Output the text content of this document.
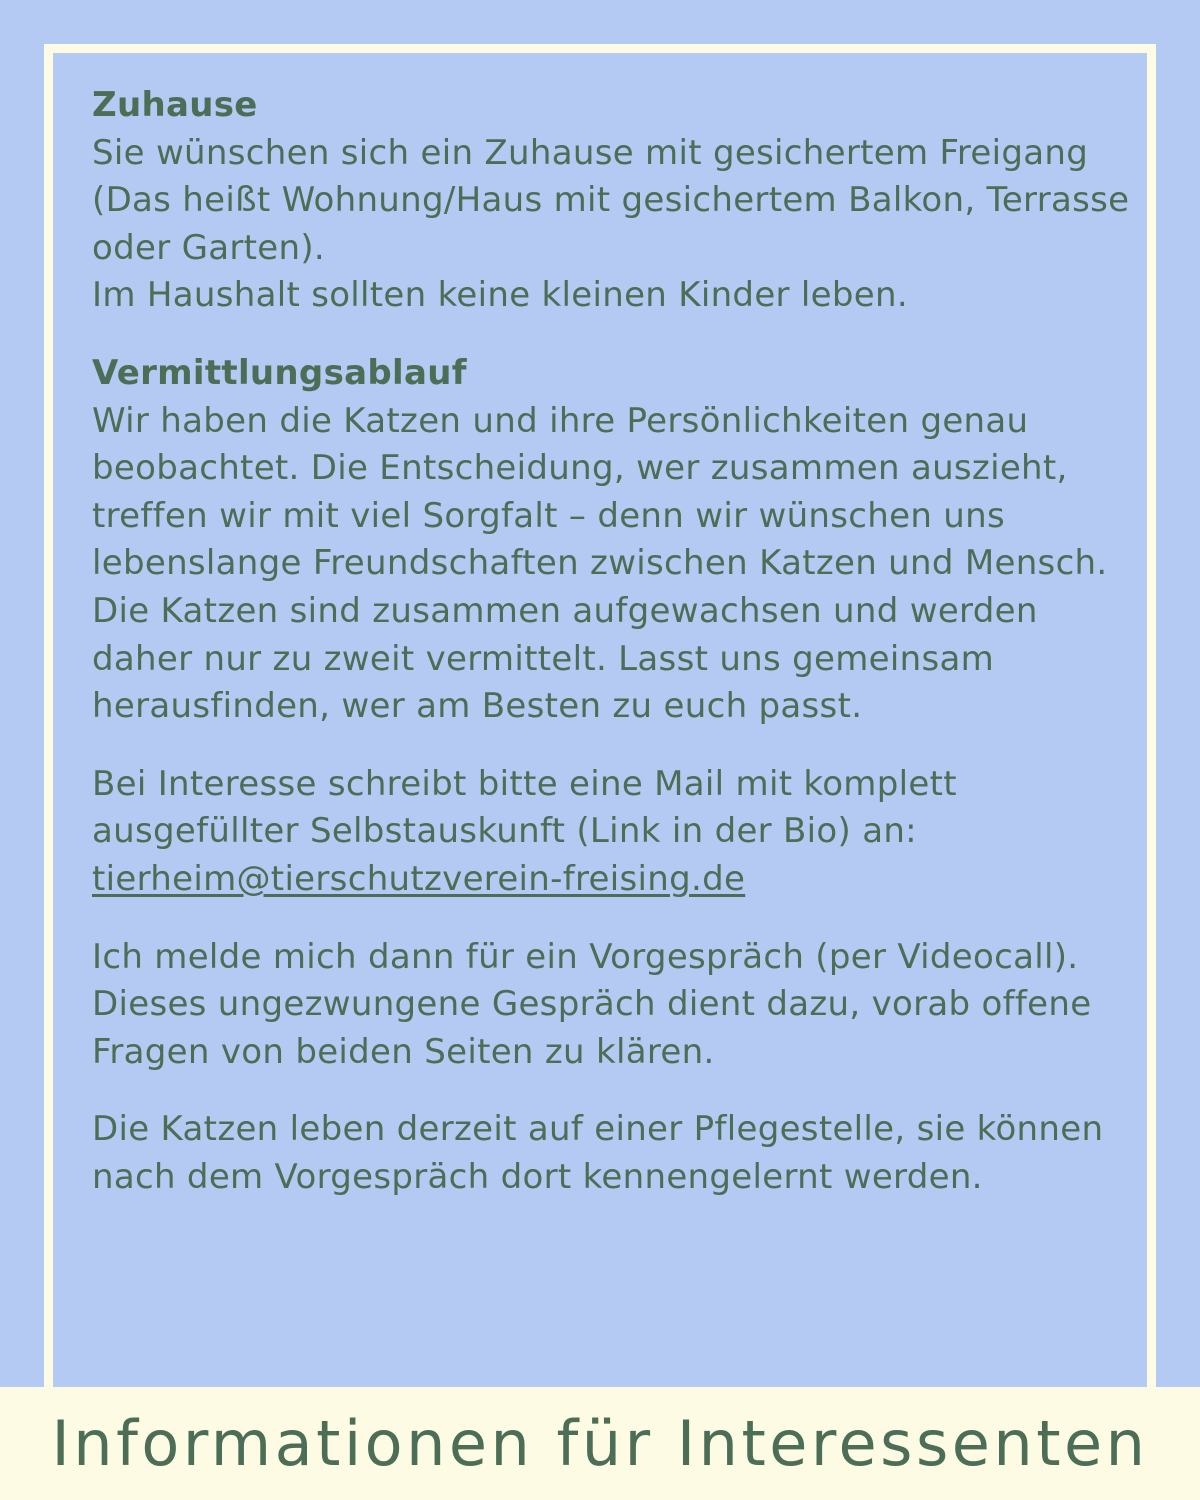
Zuhause

Sie wünschen sich ein Zuhause mit gesichertem Freigang (Das heißt Wohnung/Haus mit gesichertem Balkon, Terrasse oder Garten).

Im Haushalt sollten keine kleinen Kinder leben.

Vermittlungsablauf

Wir haben die Katzen und ihre Persönlichkeiten genau beobachtet. Die Entscheidung, wer zusammen auszieht, treffen wir mit viel Sorgfalt – denn wir wünschen uns lebenslange Freundschaften zwischen Katzen und Mensch. Die Katzen sind zusammen aufgewachsen und werden daher nur zu zweit vermittelt. Lasst uns gemeinsam herausfinden, wer am Besten zu euch passt.

Bei Interesse schreibt bitte eine Mail mit komplett ausgefüllter Selbstauskunft (Link in der Bio) an:

tierheim@tierschutzverein-freising.de

Ich melde mich dann für ein Vorgespräch (per Videocall). Dieses ungezwungene Gespräch dient dazu, vorab offene Fragen von beiden Seiten zu klären.

Die Katzen leben derzeit auf einer Pflegestelle, sie können nach dem Vorgespräch dort kennengelernt werden.

Informationen für Interessenten
